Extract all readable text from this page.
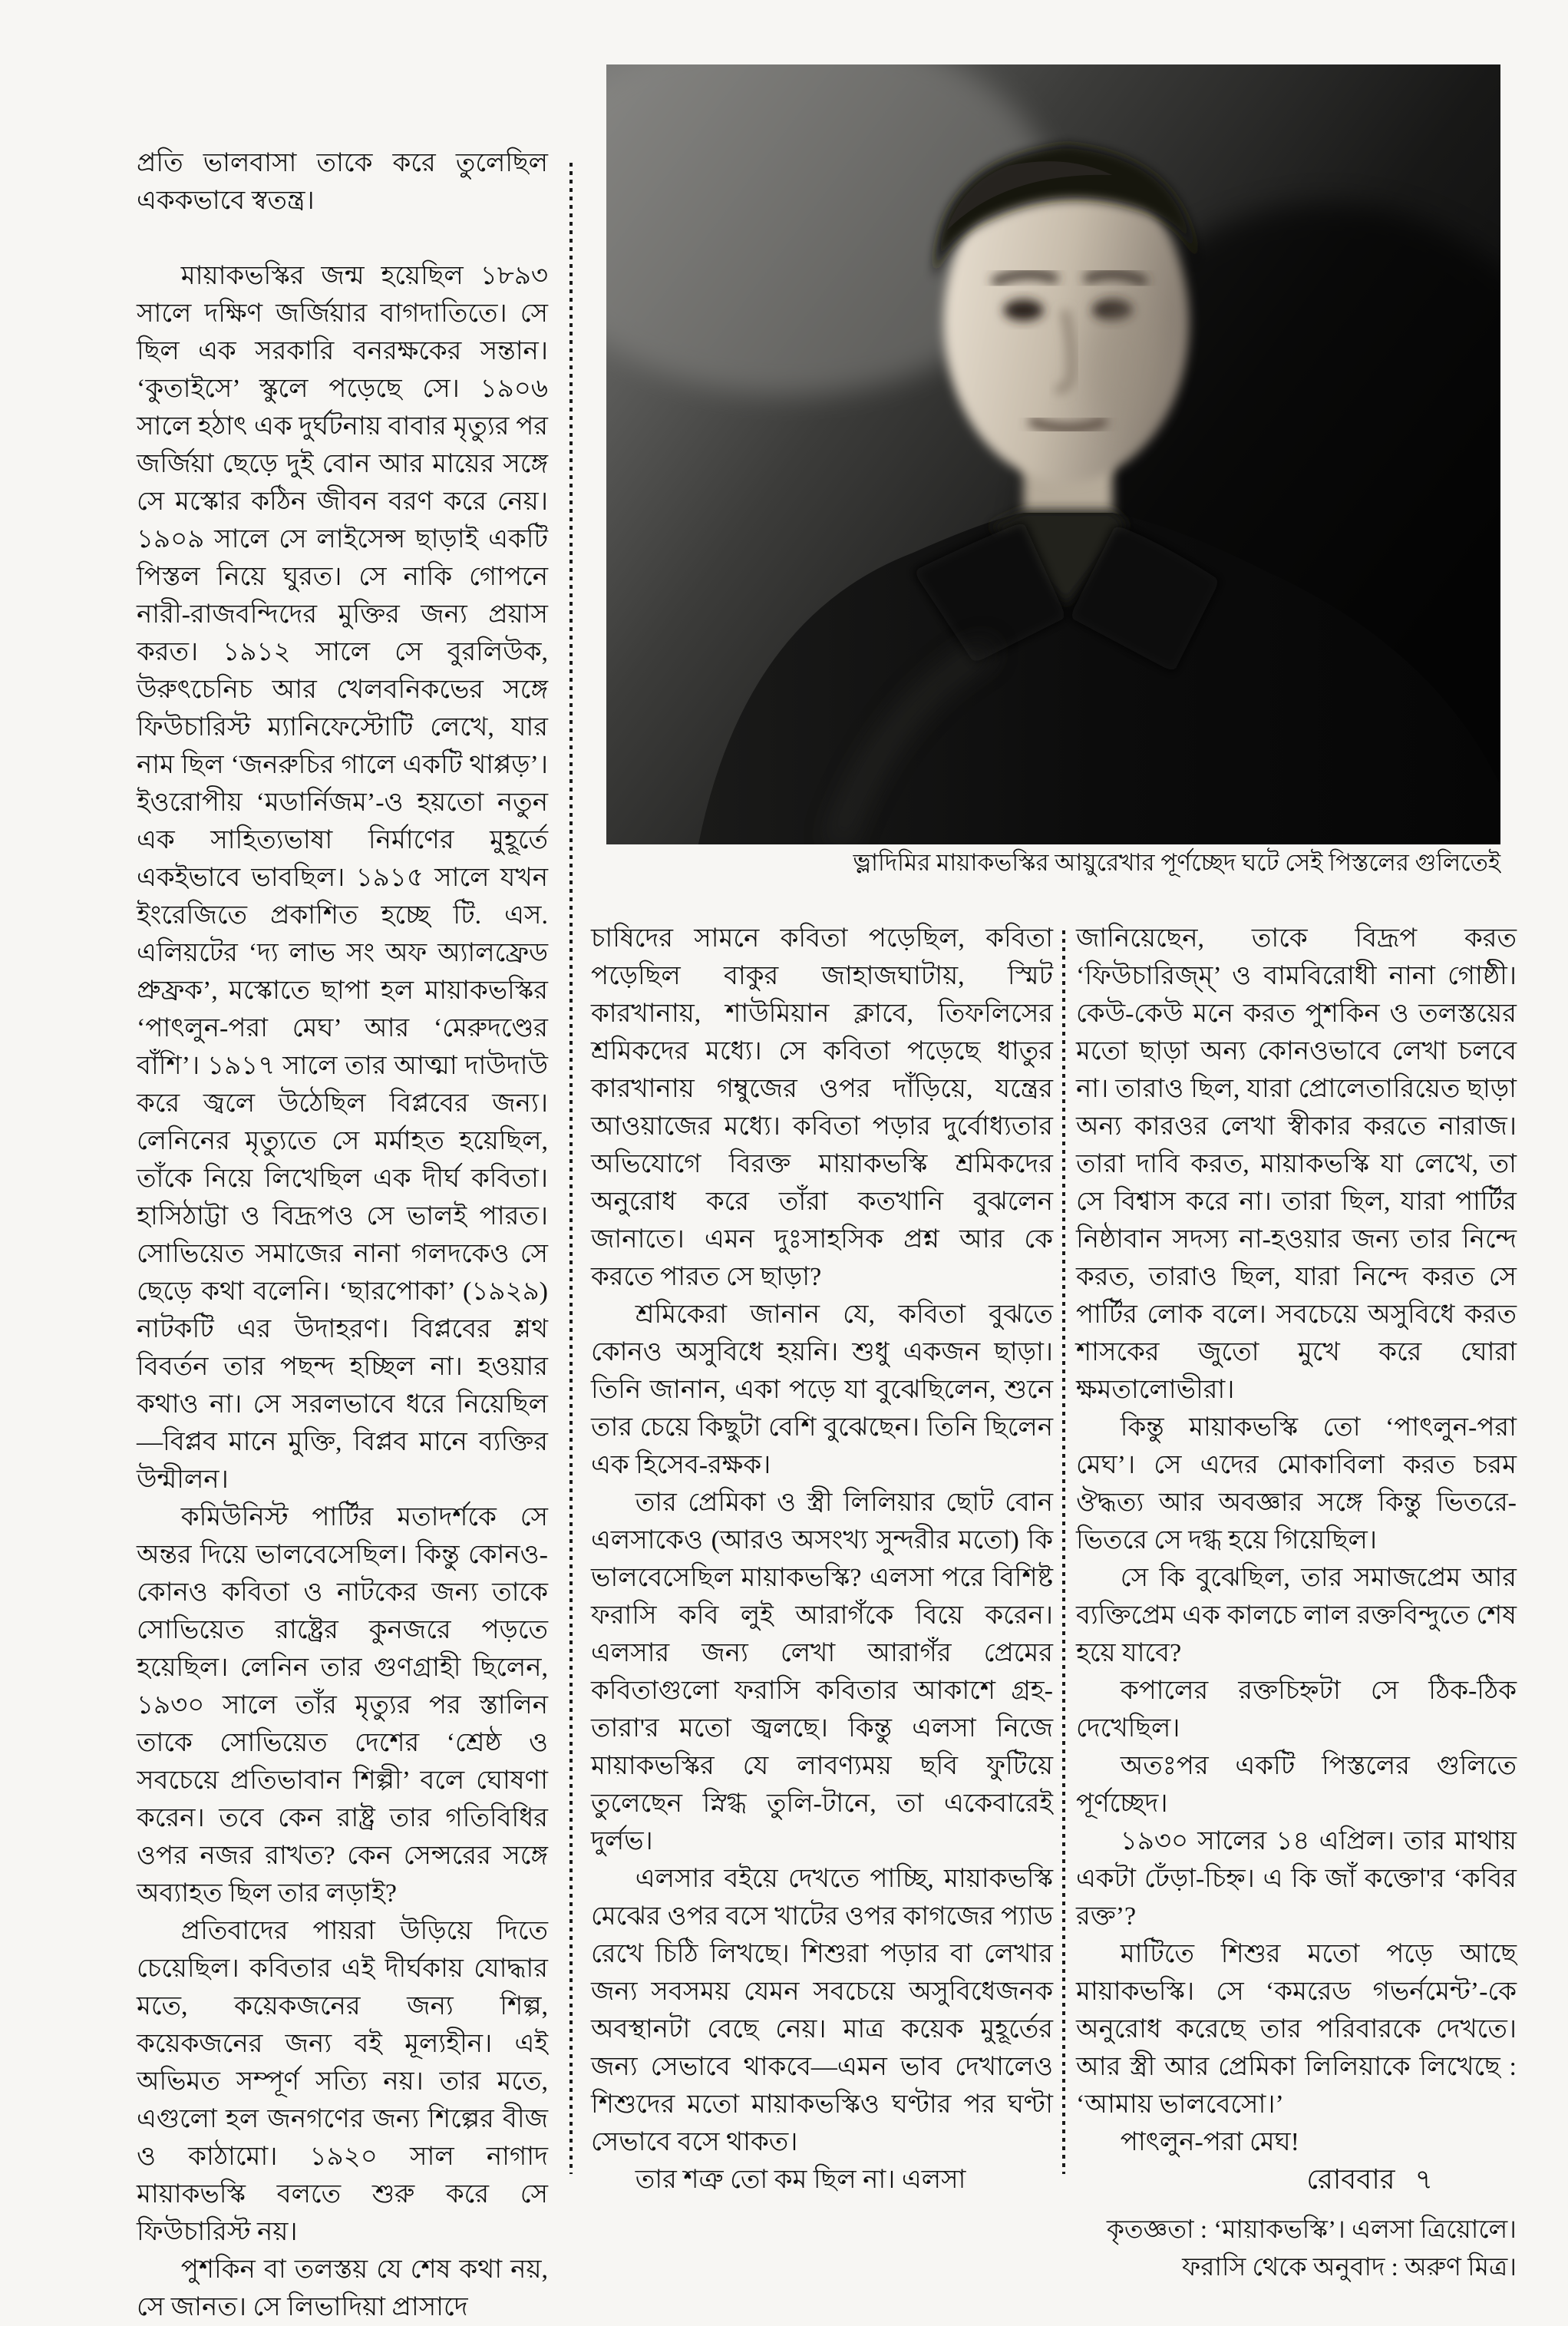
প্রতি ভালবাসা তাকে করে তুলেছিল এককভাবে স্বতন্ত্র।

মায়াকভস্কির জন্ম হয়েছিল ১৮৯৩ সালে দক্ষিণ জর্জিয়ার বাগদাতিতে। সে ছিল এক সরকারি বনরক্ষকের সন্তান। ‘কুতাইসে’ স্কুলে পড়েছে সে। ১৯০৬ সালে হঠাৎ এক দুর্ঘটনায় বাবার মৃত্যুর পর জর্জিয়া ছেড়ে দুই বোন আর মায়ের সঙ্গে সে মস্কোর কঠিন জীবন বরণ করে নেয়। ১৯০৯ সালে সে লাইসেন্স ছাড়াই একটি পিস্তল নিয়ে ঘুরত। সে নাকি গোপনে নারী-রাজবন্দিদের মুক্তির জন্য প্রয়াস করত। ১৯১২ সালে সে বুরলিউক, উরুৎচেনিচ আর খেলবনিকভের সঙ্গে ফিউচারিস্ট ম্যানিফেস্টোটি লেখে, যার নাম ছিল ‘জনরুচির গালে একটি থাপ্পড়’। ইওরোপীয় ‘মডার্নিজম’-ও হয়তো নতুন এক সাহিত্যভাষা নির্মাণের মুহূর্তে একইভাবে ভাবছিল। ১৯১৫ সালে যখন ইংরেজিতে প্রকাশিত হচ্ছে টি. এস. এলিয়টের ‘দ্য লাভ সং অফ অ্যালফ্রেড প্রুফ্রক’, মস্কোতে ছাপা হল মায়াকভস্কির ‘পাৎলুন-পরা মেঘ’ আর ‘মেরুদণ্ডের বাঁশি’। ১৯১৭ সালে তার আত্মা দাউদাউ করে জ্বলে উঠেছিল বিপ্লবের জন্য। লেনিনের মৃত্যুতে সে মর্মাহত হয়েছিল, তাঁকে নিয়ে লিখেছিল এক দীর্ঘ কবিতা। হাসিঠাট্টা ও বিদ্রূপও সে ভালই পারত। সোভিয়েত সমাজের নানা গলদকেও সে ছেড়ে কথা বলেনি। ‘ছারপোকা’ (১৯২৯) নাটকটি এর উদাহরণ। বিপ্লবের শ্লথ বিবর্তন তার পছন্দ হচ্ছিল না। হওয়ার কথাও না। সে সরলভাবে ধরে নিয়েছিল—বিপ্লব মানে মুক্তি, বিপ্লব মানে ব্যক্তির উন্মীলন।

কমিউনিস্ট পার্টির মতাদর্শকে সে অন্তর দিয়ে ভালবেসেছিল। কিন্তু কোনও-কোনও কবিতা ও নাটকের জন্য তাকে সোভিয়েত রাষ্ট্রের কুনজরে পড়তে হয়েছিল। লেনিন তার গুণগ্রাহী ছিলেন, ১৯৩০ সালে তাঁর মৃত্যুর পর স্তালিন তাকে সোভিয়েত দেশের ‘শ্রেষ্ঠ ও সবচেয়ে প্রতিভাবান শিল্পী’ বলে ঘোষণা করেন। তবে কেন রাষ্ট্র তার গতিবিধির ওপর নজর রাখত? কেন সেন্সরের সঙ্গে অব্যাহত ছিল তার লড়াই?

প্রতিবাদের পায়রা উড়িয়ে দিতে চেয়েছিল। কবিতার এই দীর্ঘকায় যোদ্ধার মতে, কয়েকজনের জন্য শিল্প, কয়েকজনের জন্য বই মূল্যহীন। এই অভিমত সম্পূর্ণ সত্যি নয়। তার মতে, এগুলো হল জনগণের জন্য শিল্পের বীজ ও কাঠামো। ১৯২০ সাল নাগাদ মায়াকভস্কি বলতে শুরু করে সে ফিউচারিস্ট নয়।

পুশকিন বা তলস্তয় যে শেষ কথা নয়, সে জানত। সে লিভাদিয়া প্রাসাদে

ভ্লাদিমির মায়াকভস্কির আয়ুরেখার পূর্ণচ্ছেদ ঘটে সেই পিস্তলের গুলিতেই

চাষিদের সামনে কবিতা পড়েছিল, কবিতা পড়েছিল বাকুর জাহাজঘাটায়, স্মিট কারখানায়, শাউমিয়ান ক্লাবে, তিফলিসের শ্রমিকদের মধ্যে। সে কবিতা পড়েছে ধাতুর কারখানায় গম্বুজের ওপর দাঁড়িয়ে, যন্ত্রের আওয়াজের মধ্যে। কবিতা পড়ার দুর্বোধ্যতার অভিযোগে বিরক্ত মায়াকভস্কি শ্রমিকদের অনুরোধ করে তাঁরা কতখানি বুঝলেন জানাতে। এমন দুঃসাহসিক প্রশ্ন আর কে করতে পারত সে ছাড়া?

শ্রমিকেরা জানান যে, কবিতা বুঝতে কোনও অসুবিধে হয়নি। শুধু একজন ছাড়া। তিনি জানান, একা পড়ে যা বুঝেছিলেন, শুনে তার চেয়ে কিছুটা বেশি বুঝেছেন। তিনি ছিলেন এক হিসেব-রক্ষক।

তার প্রেমিকা ও স্ত্রী লিলিয়ার ছোট বোন এলসাকেও (আরও অসংখ্য সুন্দরীর মতো) কি ভালবেসেছিল মায়াকভস্কি? এলসা পরে বিশিষ্ট ফরাসি কবি লুই আরাগঁকে বিয়ে করেন। এলসার জন্য লেখা আরাগঁর প্রেমের কবিতাগুলো ফরাসি কবিতার আকাশে গ্রহ-তারা'র মতো জ্বলছে। কিন্তু এলসা নিজে মায়াকভস্কির যে লাবণ্যময় ছবি ফুটিয়ে তুলেছেন স্নিগ্ধ তুলি-টানে, তা একেবারেই দুর্লভ।

এলসার বইয়ে দেখতে পাচ্ছি, মায়াকভস্কি মেঝের ওপর বসে খাটের ওপর কাগজের প্যাড রেখে চিঠি লিখছে। শিশুরা পড়ার বা লেখার জন্য সবসময় যেমন সবচেয়ে অসুবিধেজনক অবস্থানটা বেছে নেয়। মাত্র কয়েক মুহূর্তের জন্য সেভাবে থাকবে—এমন ভাব দেখালেও শিশুদের মতো মায়াকভস্কিও ঘণ্টার পর ঘণ্টা সেভাবে বসে থাকত।

তার শত্রু তো কম ছিল না। এলসা

জানিয়েছেন, তাকে বিদ্রূপ করত ‘ফিউচারিজ্‌ম্‌’ ও বামবিরোধী নানা গোষ্ঠী। কেউ-কেউ মনে করত পুশকিন ও তলস্তয়ের মতো ছাড়া অন্য কোনওভাবে লেখা চলবে না। তারাও ছিল, যারা প্রোলেতারিয়েত ছাড়া অন্য কারওর লেখা স্বীকার করতে নারাজ। তারা দাবি করত, মায়াকভস্কি যা লেখে, তা সে বিশ্বাস করে না। তারা ছিল, যারা পার্টির নিষ্ঠাবান সদস্য না-হওয়ার জন্য তার নিন্দে করত, তারাও ছিল, যারা নিন্দে করত সে পার্টির লোক বলে। সবচেয়ে অসুবিধে করত শাসকের জুতো মুখে করে ঘোরা ক্ষমতালোভীরা।

কিন্তু মায়াকভস্কি তো ‘পাৎলুন-পরা মেঘ’। সে এদের মোকাবিলা করত চরম ঔদ্ধত্য আর অবজ্ঞার সঙ্গে কিন্তু ভিতরে-ভিতরে সে দগ্ধ হয়ে গিয়েছিল।

সে কি বুঝেছিল, তার সমাজপ্রেম আর ব্যক্তিপ্রেম এক কালচে লাল রক্তবিন্দুতে শেষ হয়ে যাবে?

কপালের রক্তচিহ্নটা সে ঠিক-ঠিক দেখেছিল।

অতঃপর একটি পিস্তলের গুলিতে পূর্ণচ্ছেদ।

১৯৩০ সালের ১৪ এপ্রিল। তার মাথায় একটা ঢেঁড়া-চিহ্ন। এ কি জাঁ কক্তো'র ‘কবির রক্ত’?

মাটিতে শিশুর মতো পড়ে আছে মায়াকভস্কি। সে ‘কমরেড গভর্নমেন্ট’-কে অনুরোধ করেছে তার পরিবারকে দেখতে। আর স্ত্রী আর প্রেমিকা লিলিয়াকে লিখেছে : ‘আমায় ভালবেসো।’

পাৎলুন-পরা মেঘ!

কৃতজ্ঞতা : ‘মায়াকভস্কি’। এলসা ত্রিয়োলে।
ফরাসি থেকে অনুবাদ : অরুণ মিত্র।
রোববার ৭
